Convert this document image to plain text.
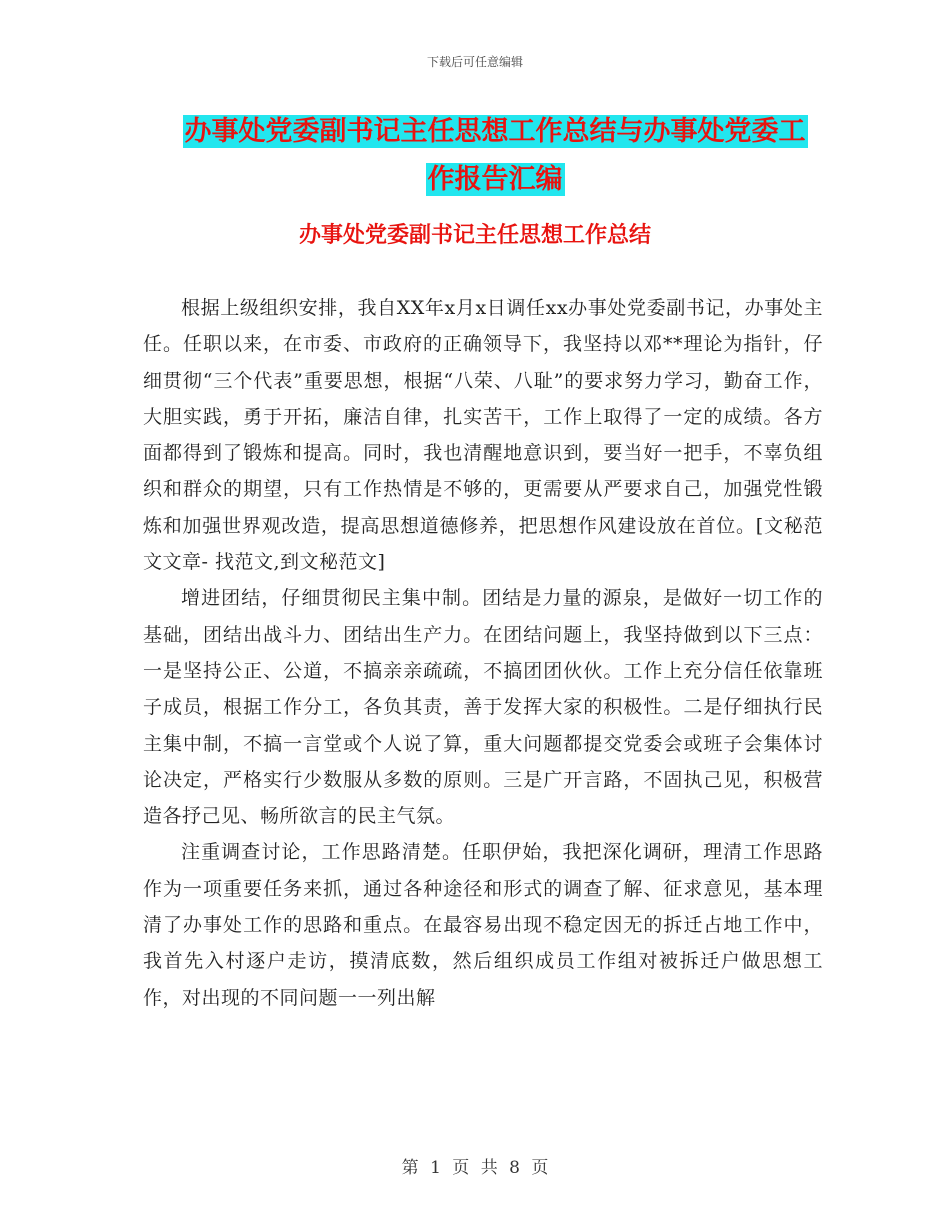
下载后可任意编辑
办事处党委副书记主任思想工作总结与办事处党委工
作报告汇编
办事处党委副书记主任思想工作总结

根据上级组织安排，我自XX年x月x日调任xx办事处党委副书记，办事处主任。任职以来，在市委、市政府的正确领导下，我坚持以邓**理论为指针，仔细贯彻“三个代表”重要思想，根据“八荣、八耻”的要求努力学习，勤奋工作，大胆实践，勇于开拓，廉洁自律，扎实苦干，工作上取得了一定的成绩。各方面都得到了锻炼和提高。同时，我也清醒地意识到，要当好一把手，不辜负组织和群众的期望，只有工作热情是不够的，更需要从严要求自己，加强党性锻炼和加强世界观改造，提高思想道德修养，把思想作风建设放在首位。[文秘范文文章- 找范文,到文秘范文]

增进团结，仔细贯彻民主集中制。团结是力量的源泉，是做好一切工作的基础，团结出战斗力、团结出生产力。在团结问题上，我坚持做到以下三点：一是坚持公正、公道，不搞亲亲疏疏，不搞团团伙伙。工作上充分信任依靠班子成员，根据工作分工，各负其责，善于发挥大家的积极性。二是仔细执行民主集中制，不搞一言堂或个人说了算，重大问题都提交党委会或班子会集体讨论决定，严格实行少数服从多数的原则。三是广开言路，不固执己见，积极营造各抒己见、畅所欲言的民主气氛。

注重调查讨论，工作思路清楚。任职伊始，我把深化调研，理清工作思路作为一项重要任务来抓，通过各种途径和形式的调查了解、征求意见，基本理清了办事处工作的思路和重点。在最容易出现不稳定因无的拆迁占地工作中，我首先入村逐户走访，摸清底数，然后组织成员工作组对被拆迁户做思想工作，对出现的不同问题一一列出解

第 1 页 共 8 页
